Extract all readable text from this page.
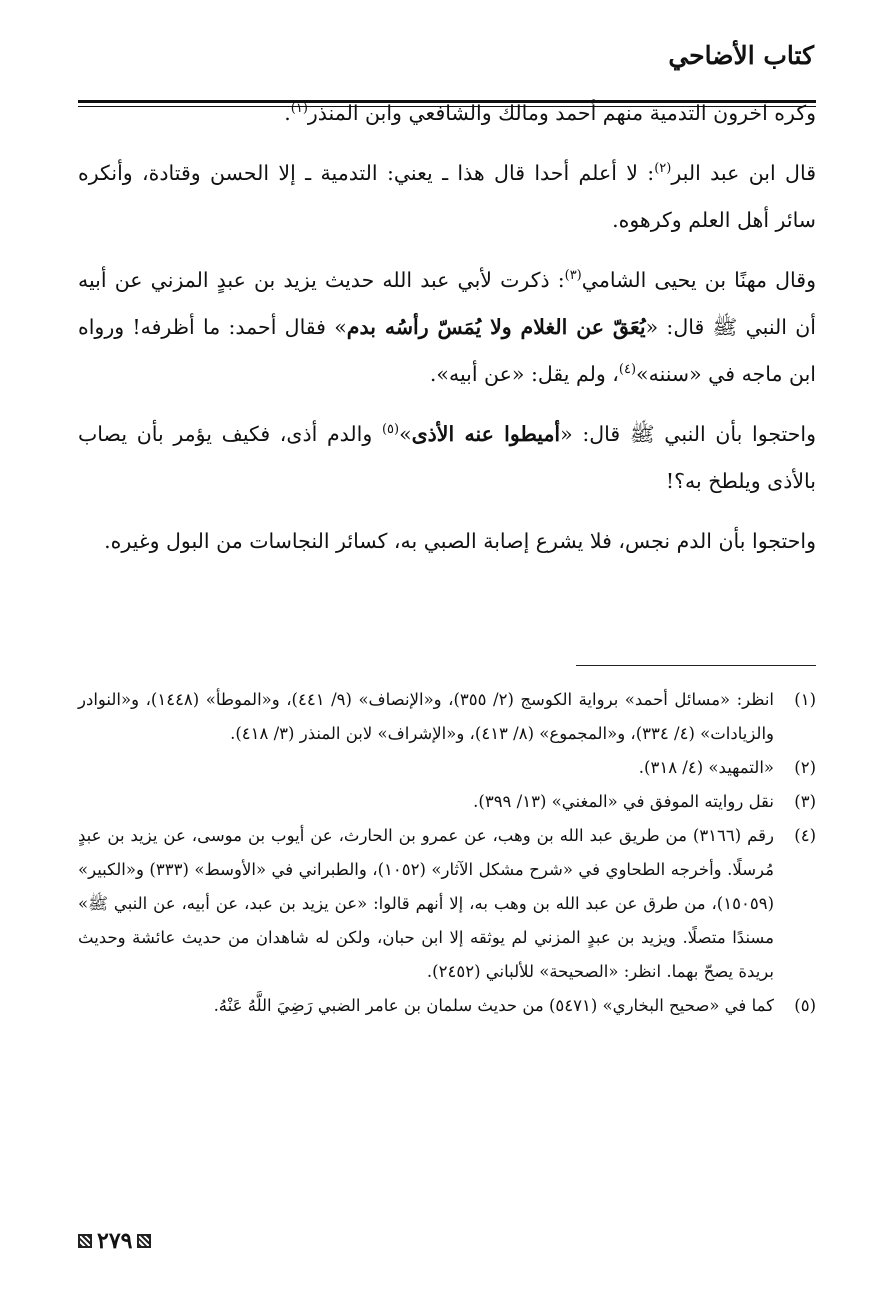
كتاب الأضاحي

وكره آخرون التدمية منهم أحمد ومالك والشافعي وابن المنذر$^{(١)}$.

قال ابن عبد البر$^{(٢)}$: لا أعلم أحدا قال هذا ـ يعني: التدمية ـ إلا الحسن وقتادة، وأنكره سائر أهل العلم وكرهوه.

وقال مهنًا بن يحيى الشامي$^{(٣)}$: ذكرت لأبي عبد الله حديث يزيد بن عبدٍ المزني عن أبيه أن النبي ﷺ قال: «يُعَقّ عن الغلام ولا يُمَسّ رأسُه بدم» فقال أحمد: ما أظرفه! ورواه ابن ماجه في «سننه»$^{(٤)}$، ولم يقل: «عن أبيه».

واحتجوا بأن النبي ﷺ قال: «أميطوا عنه الأذى»$^{(٥)}$ والدم أذى، فكيف يؤمر بأن يصاب بالأذى ويلطخ به؟!

واحتجوا بأن الدم نجس، فلا يشرع إصابة الصبي به، كسائر النجاسات من البول وغيره.

(١)
انظر: «مسائل أحمد» برواية الكوسج (٢/ ٣٥٥)، و«الإنصاف» (٩/ ٤٤١)، و«الموطأ» (١٤٤٨)، و«النوادر والزيادات» (٤/ ٣٣٤)، و«المجموع» (٨/ ٤١٣)، و«الإشراف» لابن المنذر (٣/ ٤١٨).
(٢)
«التمهيد» (٤/ ٣١٨).
(٣)
نقل روايته الموفق في «المغني» (١٣/ ٣٩٩).
(٤)
رقم (٣١٦٦) من طريق عبد الله بن وهب، عن عمرو بن الحارث، عن أيوب بن موسى، عن يزيد بن عبدٍ مُرسلًا. وأخرجه الطحاوي في «شرح مشكل الآثار» (١٠٥٢)، والطبراني في «الأوسط» (٣٣٣) و«الكبير» (١٥٠٥٩)، من طرق عن عبد الله بن وهب به، إلا أنهم قالوا: «عن يزيد بن عبد، عن أبيه، عن النبي ﷺ» مسندًا متصلًا. ويزيد بن عبدٍ المزني لم يوثقه إلا ابن حبان، ولكن له شاهدان من حديث عائشة وحديث بريدة يصحّ بهما. انظر: «الصحيحة» للألباني (٢٤٥٢).
(٥)
كما في «صحيح البخاري» (٥٤٧١) من حديث سلمان بن عامر الضبي رَضِيَ اللَّهُ عَنْهُ.
٢٧٩
